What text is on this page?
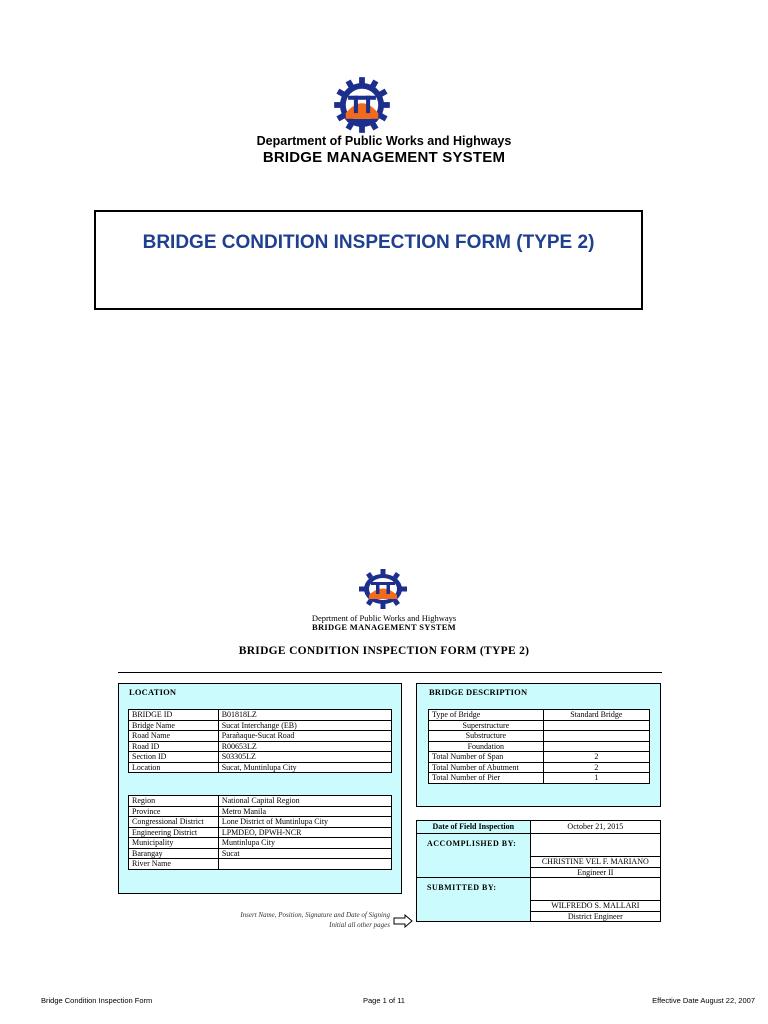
Department of Public Works and Highways
BRIDGE MANAGEMENT SYSTEM
BRIDGE CONDITION INSPECTION FORM (TYPE 2)
Deprtment of Public Works and Highways
BRIDGE MANAGEMENT SYSTEM
BRIDGE CONDITION INSPECTION FORM (TYPE 2)
LOCATION
BRIDGE ID	B01818LZ
Bridge Name	Sucat Interchange (EB)
Road Name	Parañaque-Sucat Road
Road ID	R00653LZ
Section ID	S03305LZ
Location	Sucat, Muntinlupa City
Region	National Capital Region
Province	Metro Manila
Congressional District	Lone District of Muntinlupa City
Engineering District	LPMDEO, DPWH-NCR
Municipality	Muntinlupa City
Barangay	Sucat
River Name	
BRIDGE DESCRIPTION
Type of Bridge	Standard Bridge
Superstructure	
Substructure	
Foundation	
Total Number of Span	2
Total Number of Abutment	2
Total Number of Pier	1
Date of Field Inspection	October 21, 2015
ACCOMPLISHED BY:	
	CHRISTINE VEL F. MARIANO
	Engineer II
SUBMITTED BY:	
	WILFREDO S. MALLARI
	District Engineer
Insert Name, Position, Signature and Date of Signing
Initial all other pages
Bridge Condition Inspection Form	Page 1 of 11	Effective Date August 22, 2007
